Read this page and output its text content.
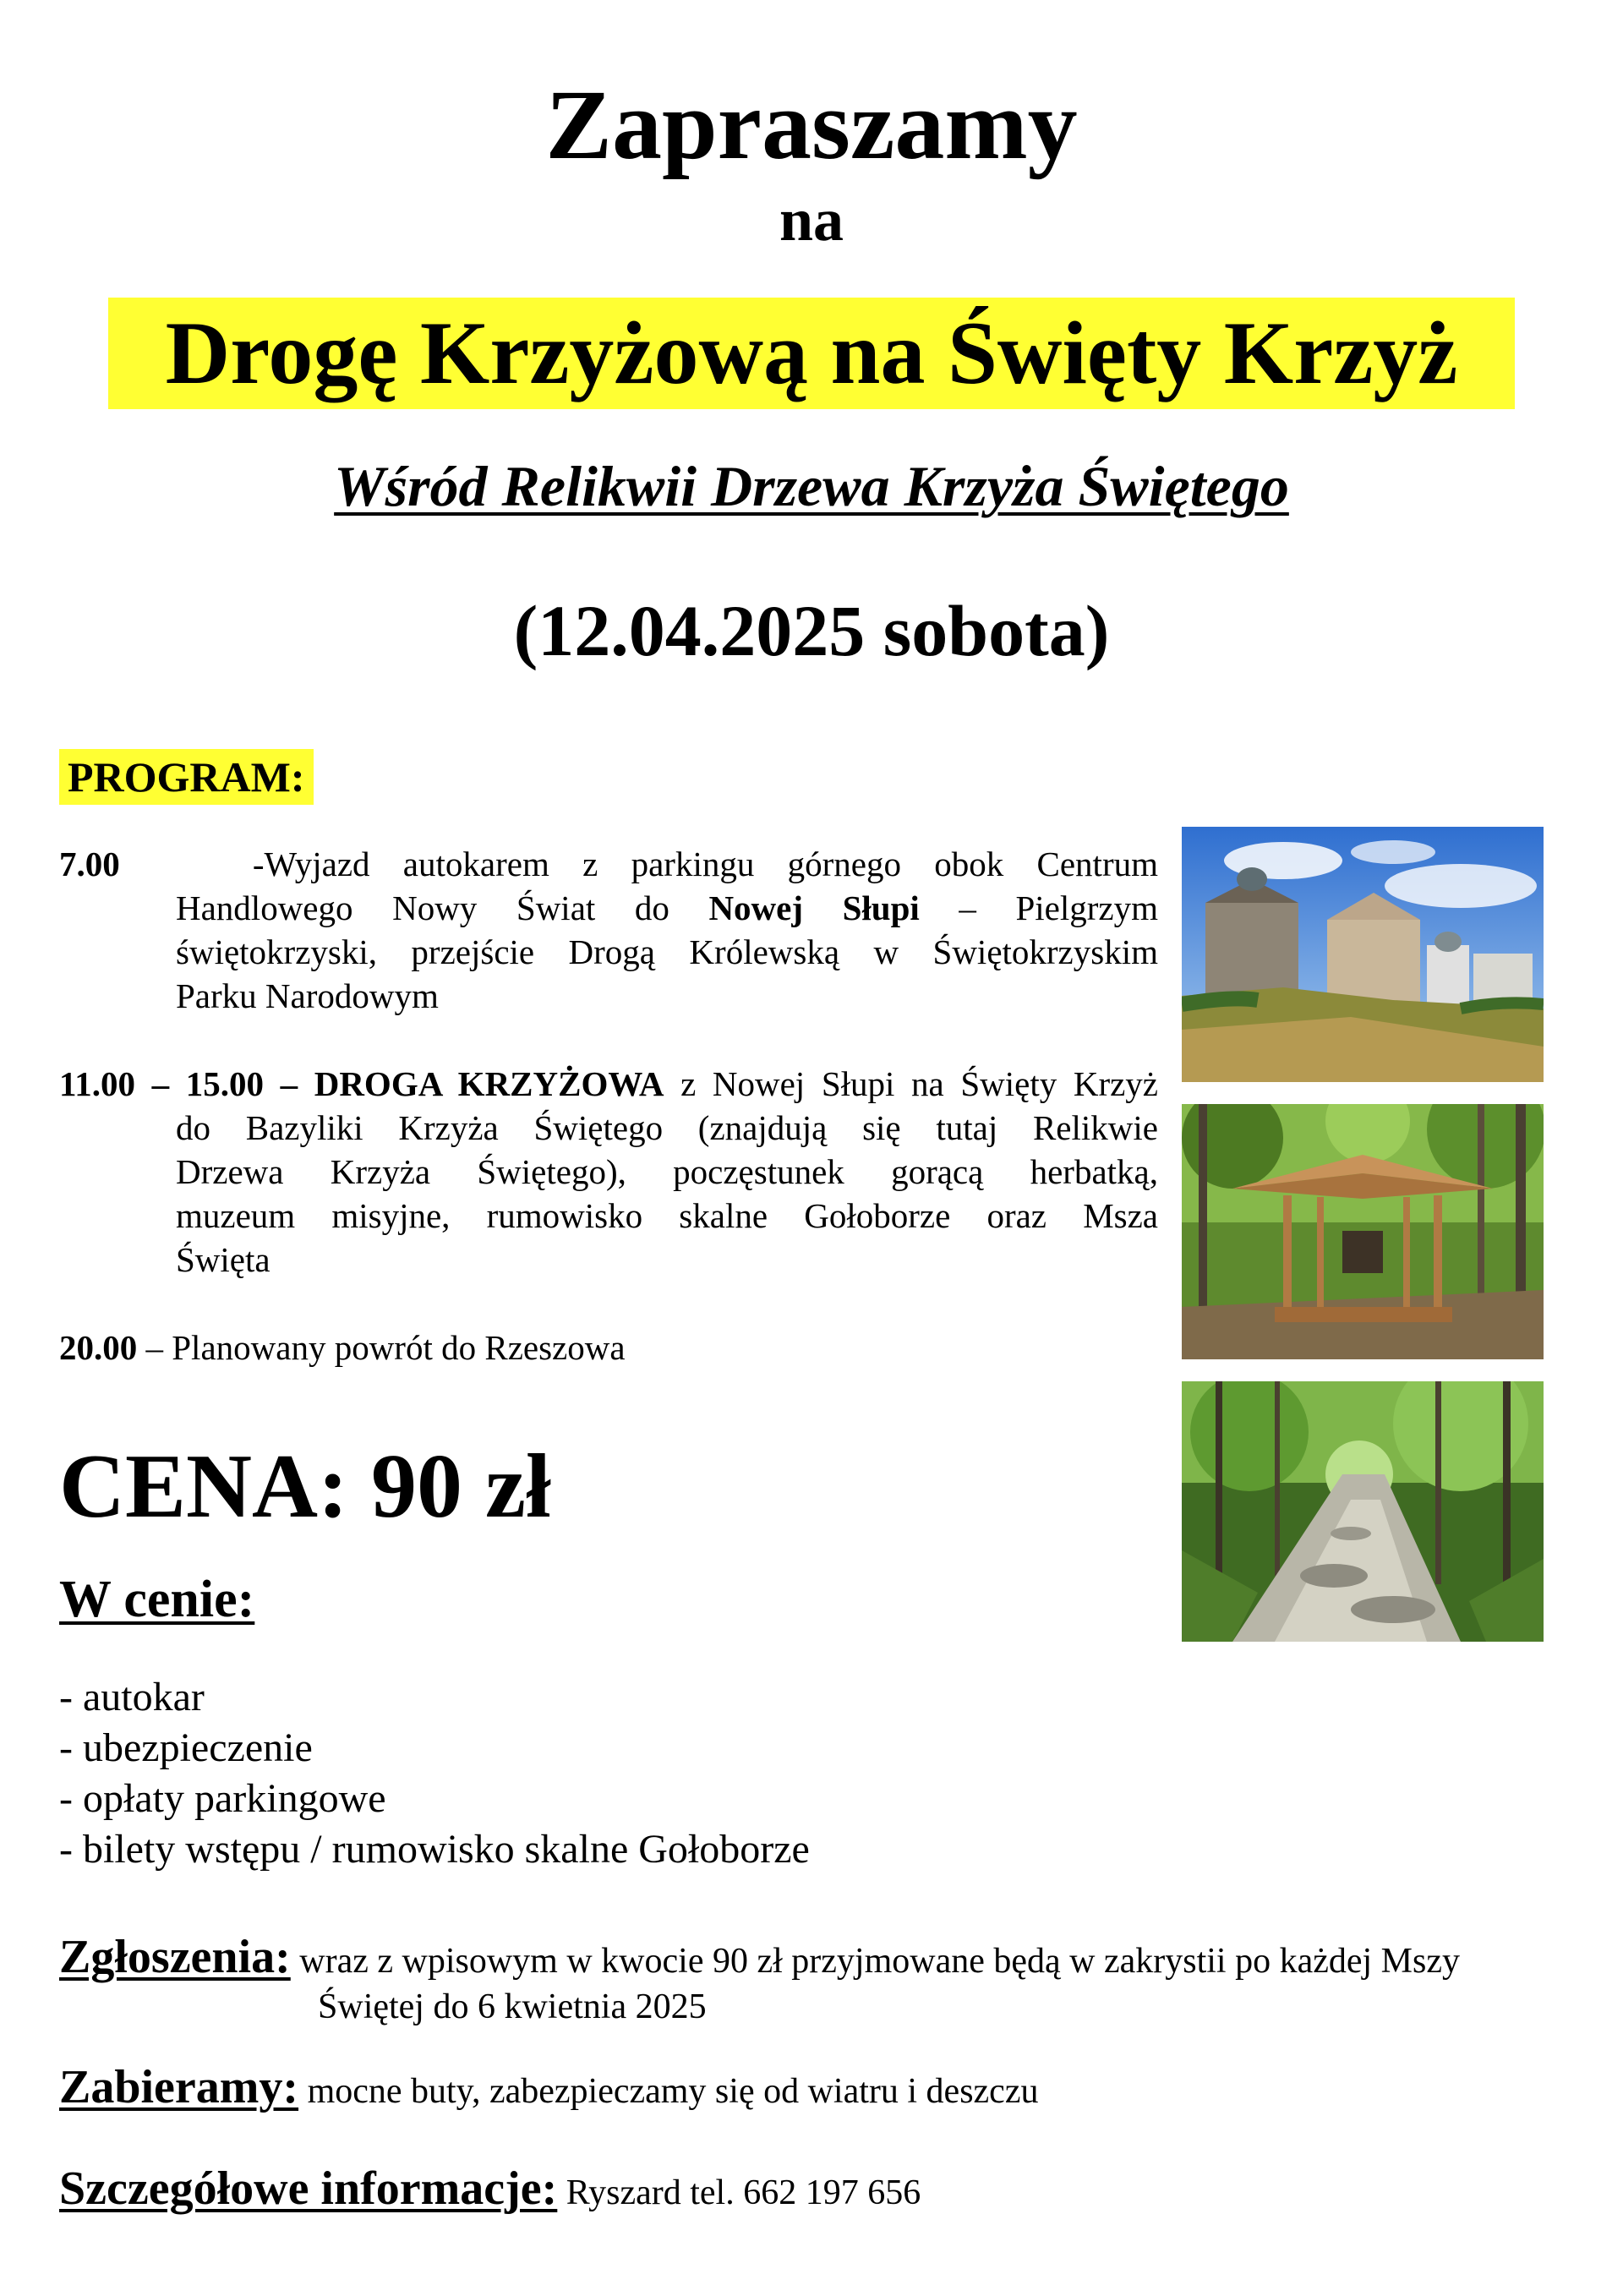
Zapraszamy
na
Drogę Krzyżową na Święty Krzyż
Wśród Relikwii Drzewa Krzyża Świętego
(12.04.2025 sobota)
PROGRAM:
7.00	-Wyjazd autokarem z parkingu górnego obok Centrum
Handlowego Nowy Świat do Nowej Słupi – Pielgrzym
świętokrzyski, przejście Drogą Królewską w Świętokrzyskim
Parku Narodowym
11.00 – 15.00 – DROGA KRZYŻOWA z Nowej Słupi na Święty Krzyż
do Bazyliki Krzyża Świętego (znajdują się tutaj Relikwie
Drzewa Krzyża Świętego), poczęstunek gorącą herbatką,
muzeum misyjne, rumowisko skalne Gołoborze oraz Msza
Święta
20.00 – Planowany powrót do Rzeszowa
CENA: 90 zł
W cenie:
- autokar
- ubezpieczenie
- opłaty parkingowe
- bilety wstępu / rumowisko skalne Gołoborze
Zgłoszenia: wraz z wpisowym w kwocie 90 zł przyjmowane będą w zakrystii po każdej Mszy
Świętej do 6 kwietnia 2025
Zabieramy: mocne buty, zabezpieczamy się od wiatru i deszczu
Szczegółowe informacje: Ryszard tel. 662 197 656
